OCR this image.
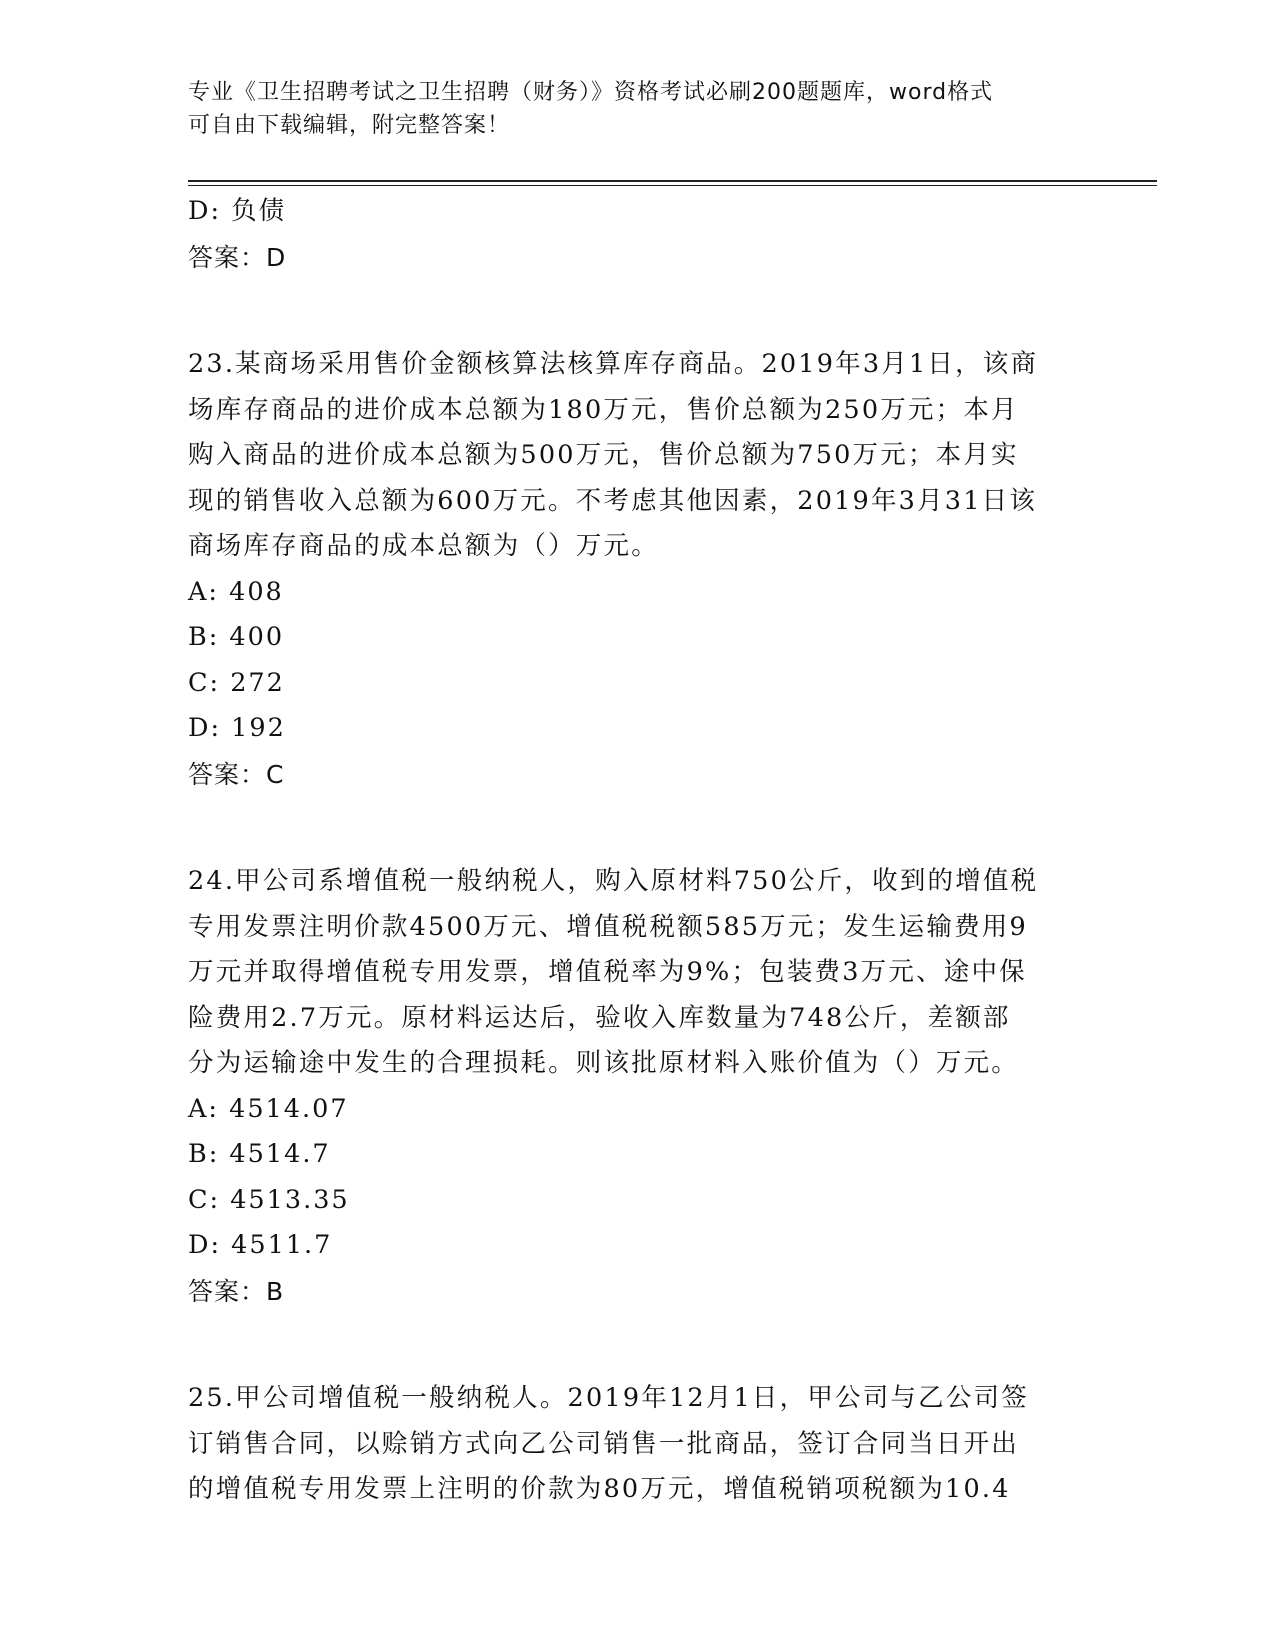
专业《卫生招聘考试之卫生招聘（财务）》资格考试必刷200题题库，word格式
可自由下载编辑，附完整答案！
D: 负债
答案：D
23.某商场采用售价金额核算法核算库存商品。2019年3月1日，该商
场库存商品的进价成本总额为180万元，售价总额为250万元；本月
购入商品的进价成本总额为500万元，售价总额为750万元；本月实
现的销售收入总额为600万元。不考虑其他因素，2019年3月31日该
商场库存商品的成本总额为（）万元。
A: 408
B: 400
C: 272
D: 192
答案：C
24.甲公司系增值税一般纳税人，购入原材料750公斤，收到的增值税
专用发票注明价款4500万元、增值税税额585万元；发生运输费用9
万元并取得增值税专用发票，增值税率为9%；包装费3万元、途中保
险费用2.7万元。原材料运达后，验收入库数量为748公斤，差额部
分为运输途中发生的合理损耗。则该批原材料入账价值为（）万元。
A: 4514.07
B: 4514.7
C: 4513.35
D: 4511.7
答案：B
25.甲公司增值税一般纳税人。2019年12月1日，甲公司与乙公司签
订销售合同，以赊销方式向乙公司销售一批商品，签订合同当日开出
的增值税专用发票上注明的价款为80万元，增值税销项税额为10.4
